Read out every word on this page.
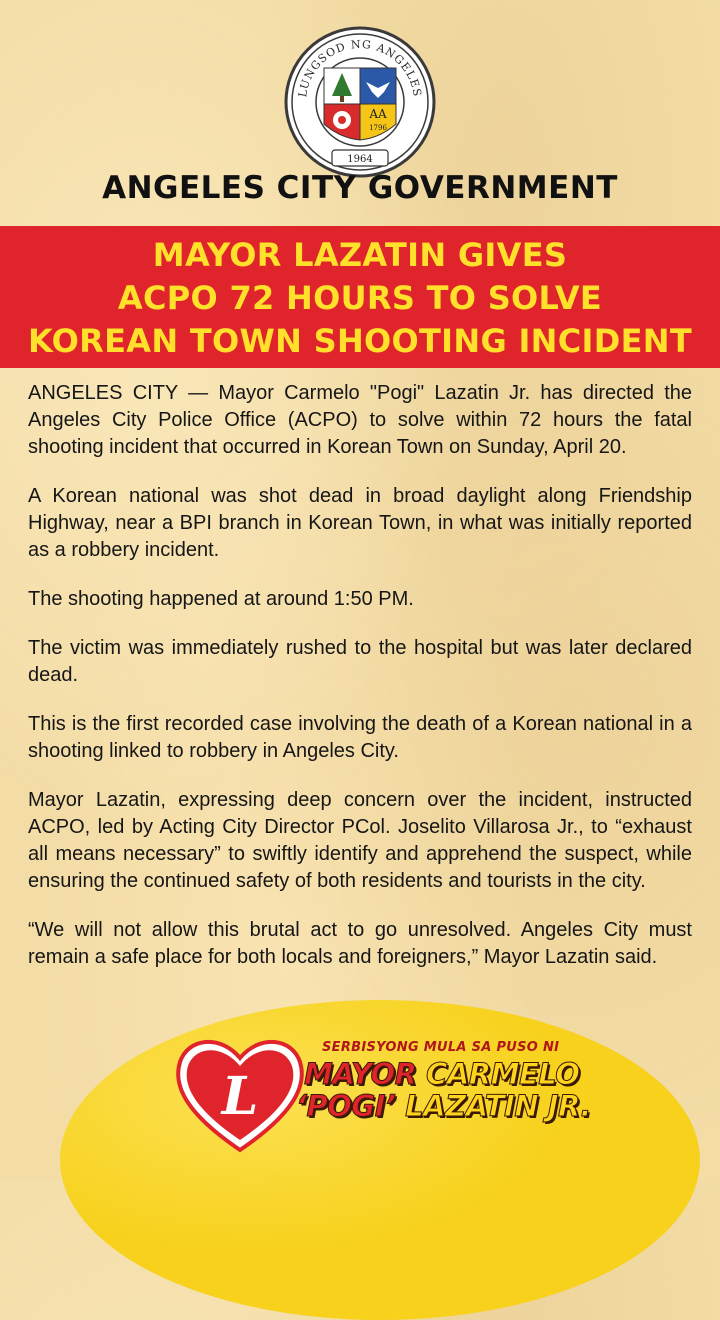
LUNGSOD NG ANGELES
AA
1796
1964
ANGELES CITY GOVERNMENT
MAYOR LAZATIN GIVES
ACPO 72 HOURS TO SOLVE
KOREAN TOWN SHOOTING INCIDENT

ANGELES CITY — Mayor Carmelo "Pogi" Lazatin Jr. has directed the Angeles City Police Office (ACPO) to solve within 72 hours the fatal shooting incident that occurred in Korean Town on Sunday, April 20.

A Korean national was shot dead in broad daylight along Friendship Highway, near a BPI branch in Korean Town, in what was initially reported as a robbery incident.

The shooting happened at around 1:50 PM.

The victim was immediately rushed to the hospital but was later declared dead.

This is the first recorded case involving the death of a Korean national in a shooting linked to robbery in Angeles City.

Mayor Lazatin, expressing deep concern over the incident, instructed ACPO, led by Acting City Director PCol. Joselito Villarosa Jr., to “exhaust all means necessary” to swiftly identify and apprehend the suspect, while ensuring the continued safety of both residents and tourists in the city.

“We will not allow this brutal act to go unresolved. Angeles City must remain a safe place for both locals and foreigners,” Mayor Lazatin said.

L
SERBISYONG MULA SA PUSO NI
MAYOR CARMELO
‘POGI’ LAZATIN JR.
